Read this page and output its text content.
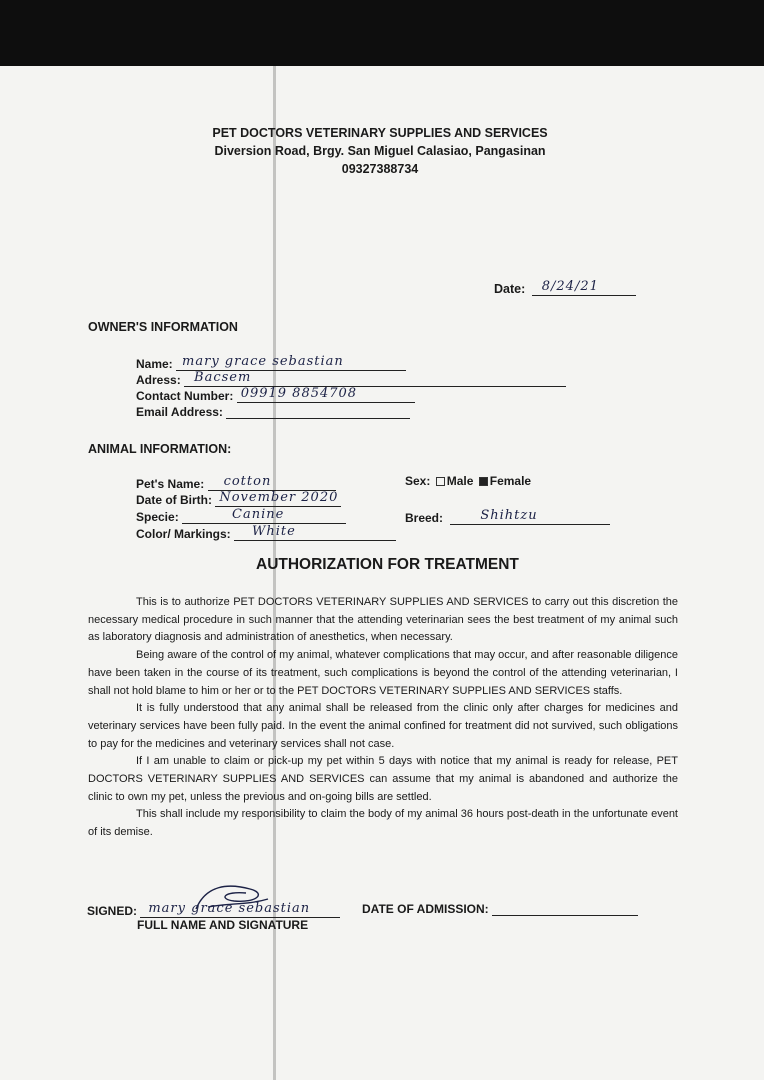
PET DOCTORS VETERINARY SUPPLIES AND SERVICES
Diversion Road, Brgy. San Miguel Calasiao, Pangasinan
09327388734
Date: 8/24/21
OWNER'S INFORMATION
Name: mary grace sebastian
Adress: Bacsem
Contact Number: 09919 8854708
Email Address:
ANIMAL INFORMATION:
Pet's Name: cotton
Date of Birth: November 2020
Specie:	Canine
Color/ Markings: White
Sex: Male Female
Breed:	Shihtzu
AUTHORIZATION FOR TREATMENT

This is to authorize PET DOCTORS VETERINARY SUPPLIES AND SERVICES to carry out this discretion the necessary medical procedure in such manner that the attending veterinarian sees the best treatment of my animal such as laboratory diagnosis and administration of anesthetics, when necessary.

Being aware of the control of my animal, whatever complications that may occur, and after reasonable diligence have been taken in the course of its treatment, such complications is beyond the control of the attending veterinarian, I shall not hold blame to him or her or to the PET DOCTORS VETERINARY SUPPLIES AND SERVICES staffs.

It is fully understood that any animal shall be released from the clinic only after charges for medicines and veterinary services have been fully paid. In the event the animal confined for treatment did not survived, such obligations to pay for the medicines and veterinary services shall not case.

If I am unable to claim or pick-up my pet within 5 days with notice that my animal is ready for release, PET DOCTORS VETERINARY SUPPLIES AND SERVICES can assume that my animal is abandoned and authorize the clinic to own my pet, unless the previous and on-going bills are settled.

This shall include my responsibility to claim the body of my animal 36 hours post-death in the unfortunate event of its demise.

SIGNED: mary grace sebastian
FULL NAME AND SIGNATURE
DATE OF ADMISSION:
